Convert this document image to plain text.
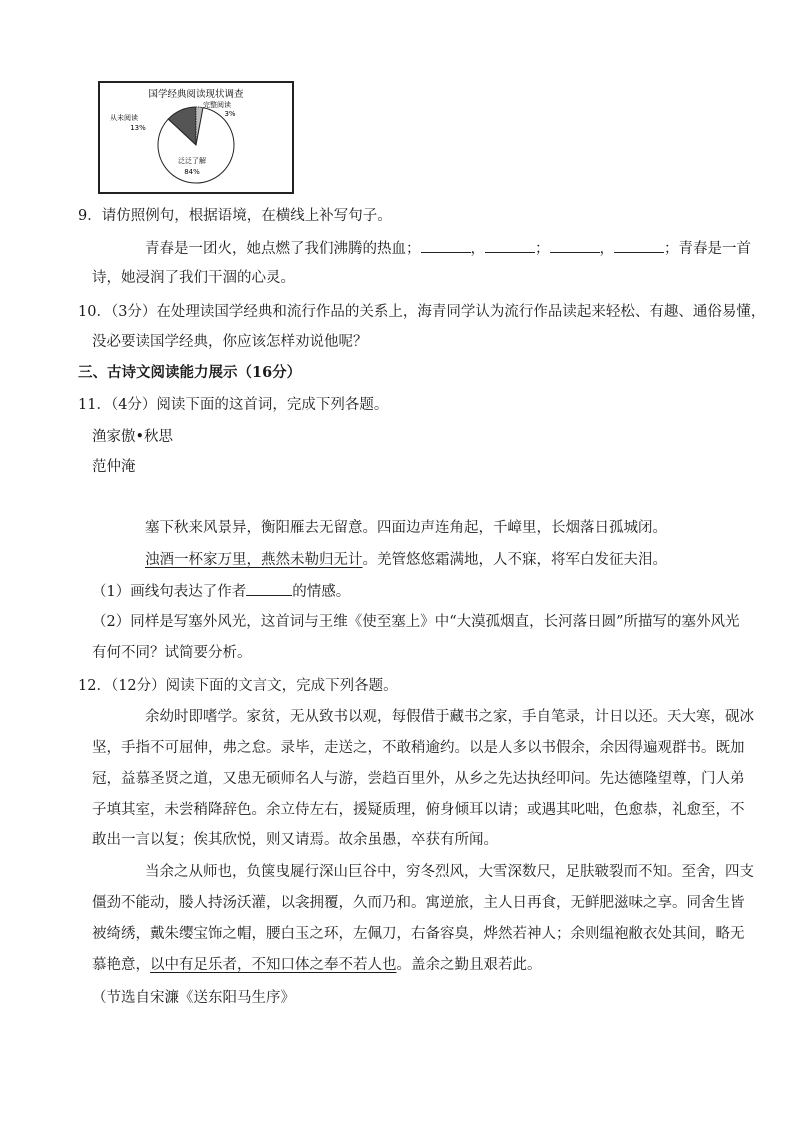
国学经典阅读现状调查
完整阅读
3%
从未阅读
13%
泛泛了解
84%
9．请仿照例句，根据语境，在横线上补写句子。
青春是一团火，她点燃了我们沸腾的热血；	，	；	，	；青春是一首
诗，她浸润了我们干涸的心灵。
10．（3分）在处理读国学经典和流行作品的关系上，海青同学认为流行作品读起来轻松、有趣、通俗易懂，
没必要读国学经典，你应该怎样劝说他呢？
三、古诗文阅读能力展示（16分）
11．（4分）阅读下面的这首词，完成下列各题。
渔家傲•秋思
范仲淹
塞下秋来风景异，衡阳雁去无留意。四面边声连角起，千嶂里，长烟落日孤城闭。
浊酒一杯家万里，燕然未勒归无计。羌管悠悠霜满地，人不寐，将军白发征夫泪。
（1）画线句表达了作者	的情感。
（2）同样是写塞外风光，这首词与王维《使至塞上》中“大漠孤烟直，长河落日圆”所描写的塞外风光
有何不同？试简要分析。
12．（12分）阅读下面的文言文，完成下列各题。
余幼时即嗜学。家贫，无从致书以观，每假借于藏书之家，手自笔录，计日以还。天大寒，砚冰
坚，手指不可屈伸，弗之怠。录毕，走送之，不敢稍逾约。以是人多以书假余，余因得遍观群书。既加
冠，益慕圣贤之道，又患无硕师名人与游，尝趋百里外，从乡之先达执经叩问。先达德隆望尊，门人弟
子填其室，未尝稍降辞色。余立侍左右，援疑质理，俯身倾耳以请；或遇其叱咄，色愈恭，礼愈至，不
敢出一言以复；俟其欣悦，则又请焉。故余虽愚，卒获有所闻。
当余之从师也，负箧曳屣行深山巨谷中，穷冬烈风，大雪深数尺，足肤皲裂而不知。至舍，四支
僵劲不能动，媵人持汤沃灌，以衾拥覆，久而乃和。寓逆旅，主人日再食，无鲜肥滋味之享。同舍生皆
被绮绣，戴朱缨宝饰之帽，腰白玉之环，左佩刀，右备容臭，烨然若神人；余则缊袍敝衣处其间，略无
慕艳意，以中有足乐者，不知口体之奉不若人也。盖余之勤且艰若此。
（节选自宋濂《送东阳马生序》
